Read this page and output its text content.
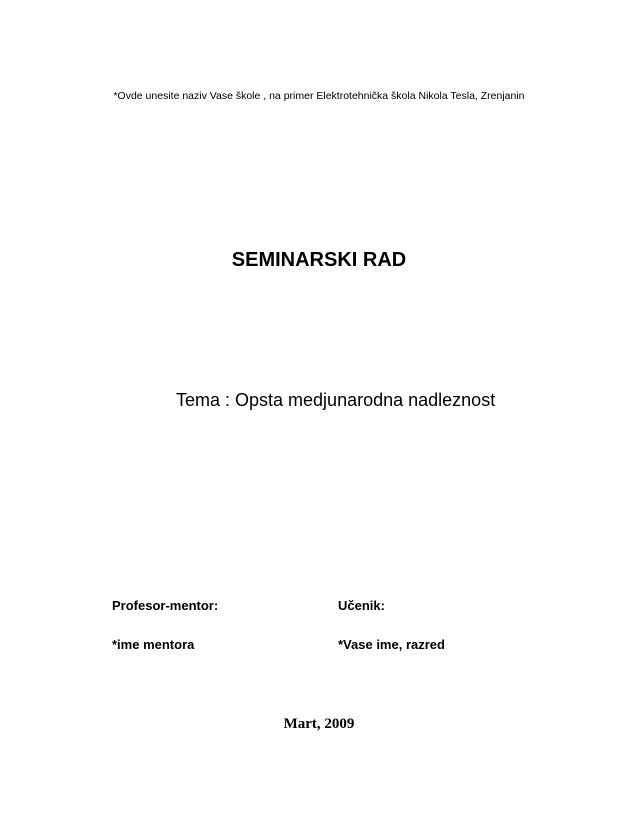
*Ovde unesite naziv Vase škole , na primer Elektrotehnička škola Nikola Tesla, Zrenjanin
SEMINARSKI RAD
Tema : Opsta medjunarodna nadleznost
Profesor-mentor:	Učenik:
*ime mentora	*Vase ime, razred
Mart, 2009
